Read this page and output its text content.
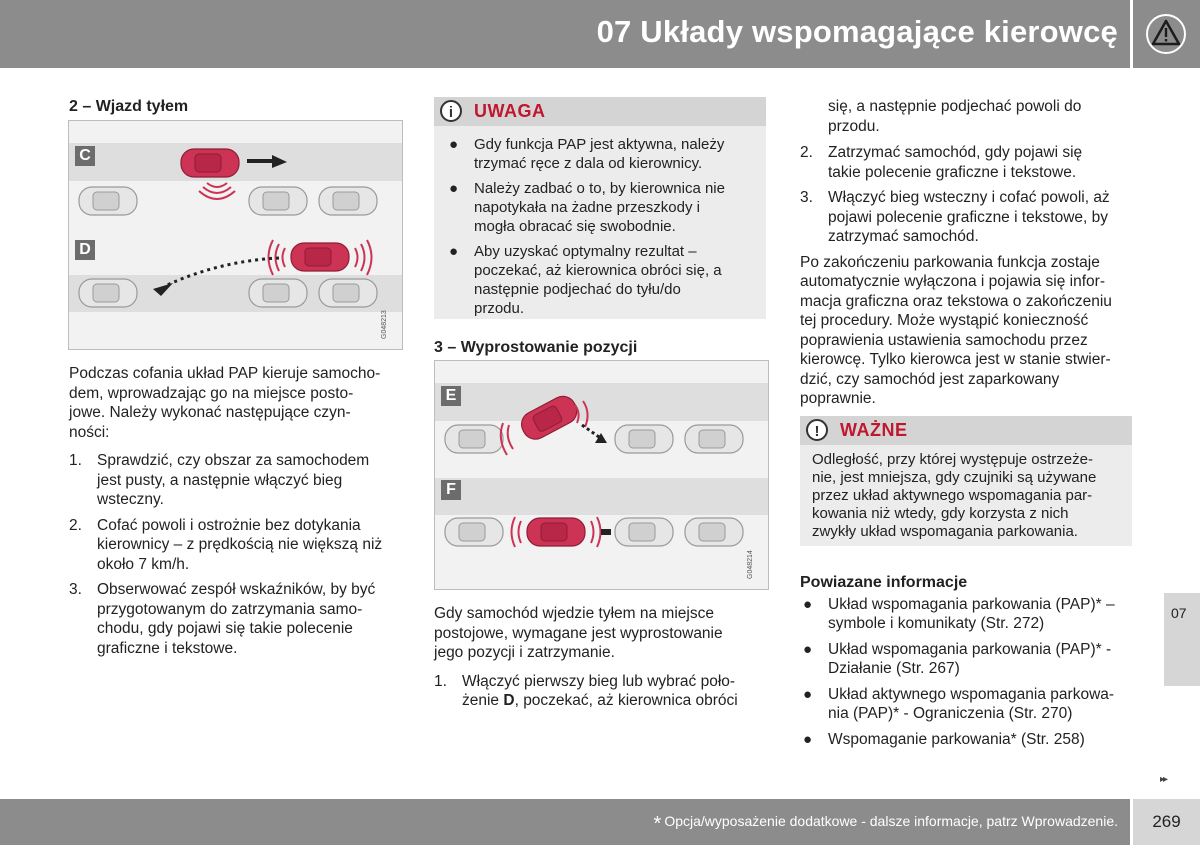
07 Układy wspomagające kierowcę
2 – Wjazd tyłem
C
D
G048213

Podczas cofania układ PAP kieruje samocho-
dem, wprowadzając go na miejsce posto-
jowe. Należy wykonać następujące czyn-
ności:

1. Sprawdzić, czy obszar za samochodem
jest pusty, a następnie włączyć bieg
wsteczny.
2. Cofać powoli i ostrożnie bez dotykania
kierownicy – z prędkością nie większą niż
około 7 km/h.
3. Obserwować zespół wskaźników, by być
przygotowanym do zatrzymania samo-
chodu, gdy pojawi się takie polecenie
graficzne i tekstowe.
i	UWAGA
● Gdy funkcja PAP jest aktywna, należy
trzymać ręce z dala od kierownicy.
● Należy zadbać o to, by kierownica nie
napotykała na żadne przeszkody i
mogła obracać się swobodnie.
● Aby uzyskać optymalny rezultat –
poczekać, aż kierownica obróci się, a
następnie podjechać do tyłu/do
przodu.
3 – Wyprostowanie pozycji
E
F
G048214

Gdy samochód wjedzie tyłem na miejsce
postojowe, wymagane jest wyprostowanie
jego pozycji i zatrzymanie.

1. Włączyć pierwszy bieg lub wybrać poło-
żenie D, poczekać, aż kierownica obróci

się, a następnie podjechać powoli do
przodu.

2. Zatrzymać samochód, gdy pojawi się
takie polecenie graficzne i tekstowe.
3. Włączyć bieg wsteczny i cofać powoli, aż
pojawi polecenie graficzne i tekstowe, by
zatrzymać samochód.

Po zakończeniu parkowania funkcja zostaje
automatycznie wyłączona i pojawia się infor-
macja graficzna oraz tekstowa o zakończeniu
tej procedury. Może wystąpić konieczność
poprawienia ustawienia samochodu przez
kierowcę. Tylko kierowca jest w stanie stwier-
dzić, czy samochód jest zaparkowany
poprawnie.

!	WAŻNE

Odległość, przy której występuje ostrzeże-
nie, jest mniejsza, gdy czujniki są używane
przez układ aktywnego wspomagania par-
kowania niż wtedy, gdy korzysta z nich
zwykły układ wspomagania parkowania.

Powiazane informacje
● Układ wspomagania parkowania (PAP)* –
symbole i komunikaty (Str. 272)
● Układ wspomagania parkowania (PAP)* -
Działanie (Str. 267)
● Układ aktywnego wspomagania parkowa-
nia (PAP)* - Ograniczenia (Str. 270)
● Wspomaganie parkowania* (Str. 258)
07
▸▸
* Opcja/wyposażenie dodatkowe - dalsze informacje, patrz Wprowadzenie.	269
